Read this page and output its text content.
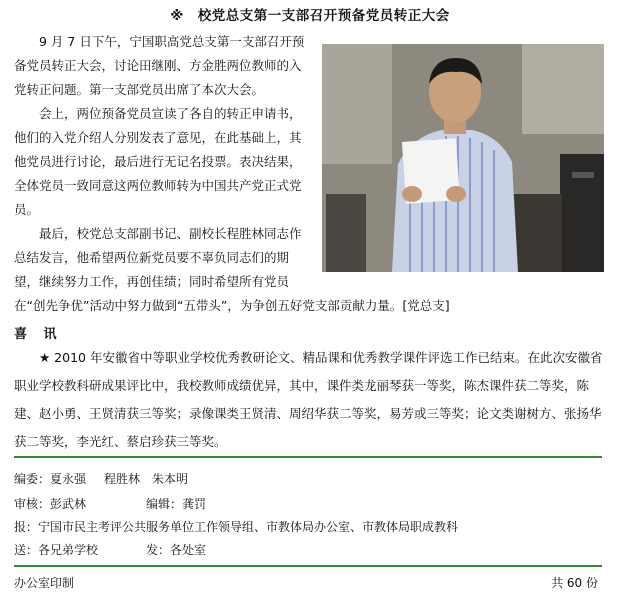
※ 校党总支第一支部召开预备党员转正大会

9 月 7 日下午，宁国职高党总支第一支部召开预备党员转正大会，讨论田继刚、方金胜两位教师的入党转正问题。第一支部党员出席了本次大会。

会上，两位预备党员宣读了各自的转正申请书，他们的入党介绍人分别发表了意见，在此基础上，其他党员进行讨论，最后进行无记名投票。表决结果，全体党员一致同意这两位教师转为中国共产党正式党员。

最后，校党总支部副书记、副校长程胜林同志作总结发言，他希望两位新党员要不辜负同志们的期望，继续努力工作，再创佳绩；同时希望所有党员在“创先争优”活动中努力做到“五带头”，为争创五好党支部贡献力量。[党总支]

喜 讯

★ 2010 年安徽省中等职业学校优秀教研论文、精品课和优秀教学课件评选工作已结束。在此次安徽省职业学校教科研成果评比中，我校教师成绩优异，其中，课件类龙丽琴获一等奖，陈杰课件获二等奖，陈建、赵小勇、王贤清获三等奖；录像课类王贤清、周绍华获二等奖，易芳或三等奖；论文类谢树方、张扬华获二等奖，李光红、蔡启珍获三等奖。

编委：夏永强 程胜林 朱本明
审核：彭武林	编辑：龚罚
报：宁国市民主考评公共服务单位工作领导组、市教体局办公室、市教体局职成教科
送：各兄弟学校	发：各处室
办公室印制	共 60 份
